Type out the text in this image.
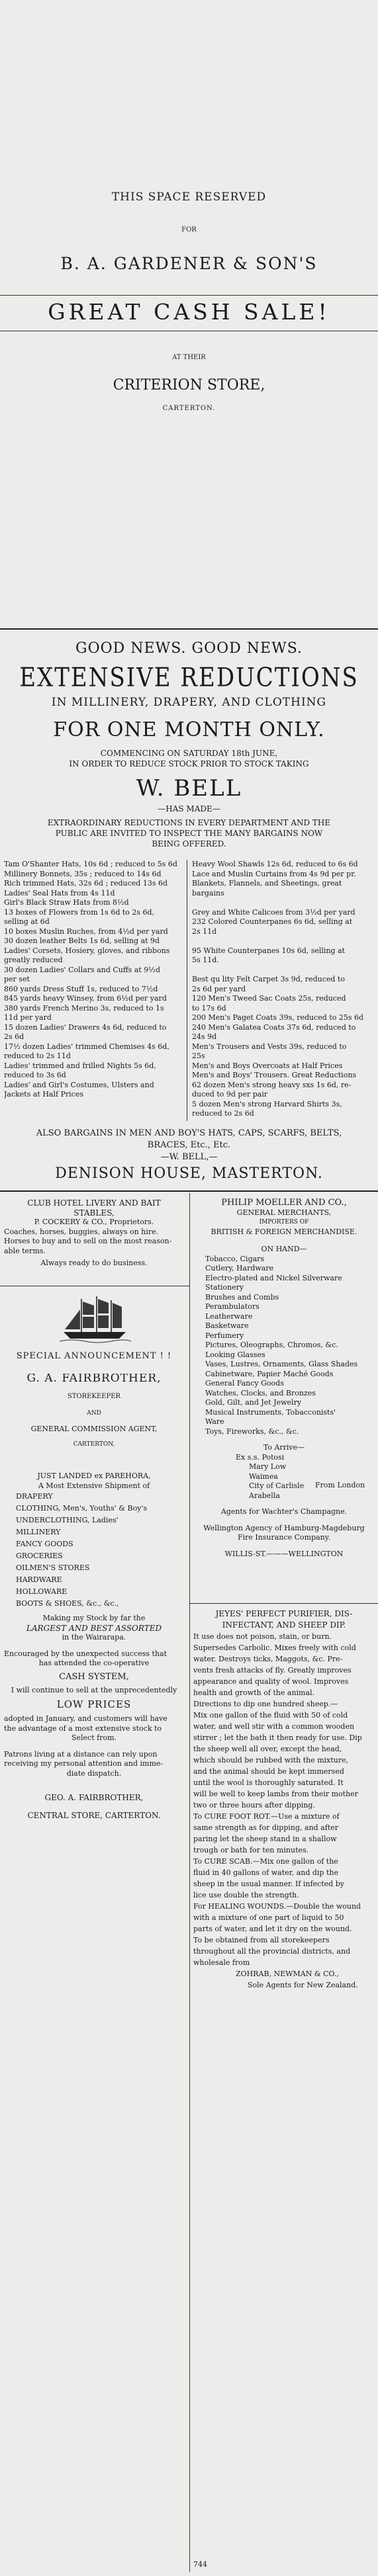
THIS SPACE RESERVED
FOR
B. A. GARDENER & SON'S
GREAT CASH SALE!
AT THEIR
CRITERION STORE,
CARTERTON.
GOOD NEWS. GOOD NEWS.
EXTENSIVE REDUCTIONS
IN MILLINERY, DRAPERY, AND CLOTHING
FOR ONE MONTH ONLY.
COMMENCING ON SATURDAY 18th JUNE,
IN ORDER TO REDUCE STOCK PRIOR TO STOCK TAKING
W. BELL
—HAS MADE—
EXTRAORDINARY REDUCTIONS IN EVERY DEPARTMENT AND THE
PUBLIC ARE INVITED TO INSPECT THE MANY BARGAINS NOW
BEING OFFERED.
Tam O'Shanter Hats, 10s 6d ; reduced to 5s 6d
Millinery Bonnets, 35s ; reduced to 14s 6d
Rich trimmed Hats, 32s 6d ; reduced 13s 6d
Ladies' Seal Hats from 4s 11d
Girl's Black Straw Hats from 8½d
13 boxes of Flowers from 1s 6d to 2s 6d,
selling at 6d
10 boxes Muslin Ruches, from 4½d per yard
30 dozen leather Belts 1s 6d, selling at 9d
Ladies' Corsets, Hosiery, gloves, and ribbons
greatly reduced
30 dozen Ladies' Collars and Cuffs at 9½d
per set
860 yards Dress Stuff 1s, reduced to 7½d
845 yards heavy Winsey, from 6½d per yard
380 yards French Merino 3s, reduced to 1s
11d per yard
15 dozen Ladies' Drawers 4s 6d, reduced to
2s 6d
17½ dozen Ladies' trimmed Chemises 4s 6d,
reduced to 2s 11d
Ladies' trimmed and frilled Nights 5s 6d,
reduced to 3s 6d
Ladies' and Girl's Costumes, Ulsters and
Jackets at Half Prices
Heavy Wool Shawls 12s 6d, reduced to 6s 6d
Lace and Muslin Curtains from 4s 9d per pr.
Blankets, Flannels, and Sheetings, great
bargains

Grey and White Calicoes from 3½d per yard
232 Colored Counterpanes 6s 6d, selling at
2s 11d

95 White Counterpanes 10s 6d, selling at
5s 11d.

Best qu lity Felt Carpet 3s 9d, reduced to
2s 6d per yard
120 Men's Tweed Sac Coats 25s, reduced
to 17s 6d
200 Men's Paget Coats 39s, reduced to 25s 6d
240 Men's Galatea Coats 37s 6d, reduced to
24s 9d
Men's Trousers and Vests 39s, reduced to
25s
Men's and Boys Overcoats at Half Prices
Men's and Boys' Trousers. Great Reductions
62 dozen Men's strong heavy sxs 1s 6d, re-
duced to 9d per pair
5 dozen Men's strong Harvard Shirts 3s,
reduced to 2s 6d
ALSO BARGAINS IN MEN AND BOY'S HATS, CAPS, SCARFS, BELTS,
BRACES, Etc., Etc.
—W. BELL,—
DENISON HOUSE, MASTERTON.
CLUB HOTEL LIVERY AND BAIT
STABLES,
P. COCKERY & CO., Proprietors.
Coaches, horses, buggies, always on hire.
Horses to buy and to sell on the most reason-
able terms.
Always ready to do business.
SPECIAL ANNOUNCEMENT ! !
G. A. FAIRBROTHER,
STOREKEEPER
AND
GENERAL COMMISSION AGENT,
CARTERTON,
JUST LANDED ex PAREHORA,
A Most Extensive Shipment of
DRAPERY
CLOTHING, Men's, Youths' & Boy's
UNDERCLOTHING, Ladies'
MILLINERY
FANCY GOODS
GROCERIES
OILMEN'S STORES
HARDWARE
HOLLOWARE
BOOTS & SHOES, &c., &c.,
Making my Stock by far the
LARGEST AND BEST ASSORTED
in the Wairarapa.
Encouraged by the unexpected success that
has attended the co-operative
CASH SYSTEM,
I will continue to sell at the unprecedentedly
LOW PRICES
adopted in January, and customers will have
the advantage of a most extensive stock to
Select from.
Patrons living at a distance can rely upon
receiving my personal attention and imme-
diate dispatch.
GEO. A. FAIRBROTHER,
CENTRAL STORE, CARTERTON.
PHILIP MOELLER AND CO.,
GENERAL MERCHANTS,
IMPORTERS OF
BRITISH & FOREIGN MERCHANDISE.
ON HAND—
Tobacco, Cigars
Cutlery, Hardware
Electro-plated and Nickel Silverware
Stationery
Brushes and Combs
Perambulators
Leatherware
Basketware
Perfumery
Pictures, Oleographs, Chromos, &c.
Looking Glasses
Vases, Lustres, Ornaments, Glass Shades
Cabinetware, Papier Maché Goods
General Fancy Goods
Watches, Clocks, and Bronzes
Gold, Gilt, and Jet Jewelry
Musical Instruments, Tobacconists'
Ware
Toys, Fireworks, &c., &c.
To Arrive—
Ex s.s. Potosi
Mary Low
Waimea
City of Carlisle
Arabella
From London
Agents for Wachter's Champagne.
Wellington Agency of Hamburg-Magdeburg
Fire Insurance Company.
WILLIS-ST.———WELLINGTON
JEYES' PERFECT PURIFIER, DIS-
INFECTANT, AND SHEEP DIP.
It use does not poison, stain, or burn.
Supersedes Carbolic. Mixes freely with cold
water. Destroys ticks, Maggots, &c. Pre-
vents fresh attacks of fly. Greatly improves
appearance and quality of wool. Improves
health and growth of the animal.
Directions to dip one hundred sheep.—
Mix one gallon of the fluid with 50 of cold
water, and well stir with a common wooden
stirrer ; let the bath it then ready for use. Dip
the sheep well all over, except the head,
which should be rubbed with the mixture,
and the animal should be kept immersed
until the wool is thoroughly saturated. It
will be well to keep lambs from their mother
two or three hours after dipping.
To CURE FOOT ROT.—Use a mixture of
same strength as for dipping, and after
paring let the sheep stand in a shallow
trough or bath for ten minutes.
To CURE SCAB.—Mix one gallon of the
fluid in 40 gallons of water, and dip the
sheep in the usual manner. If infected by
lice use double the strength.
For HEALING WOUNDS.—Double the wound
with a mixture of one part of liquid to 50
parts of water, and let it dry on the wound.
To be obtained from all storekeepers
throughout all the provincial districts, and
wholesale from
ZOHRAB, NEWMAN & CO.,
Sole Agents for New Zealand.
744
